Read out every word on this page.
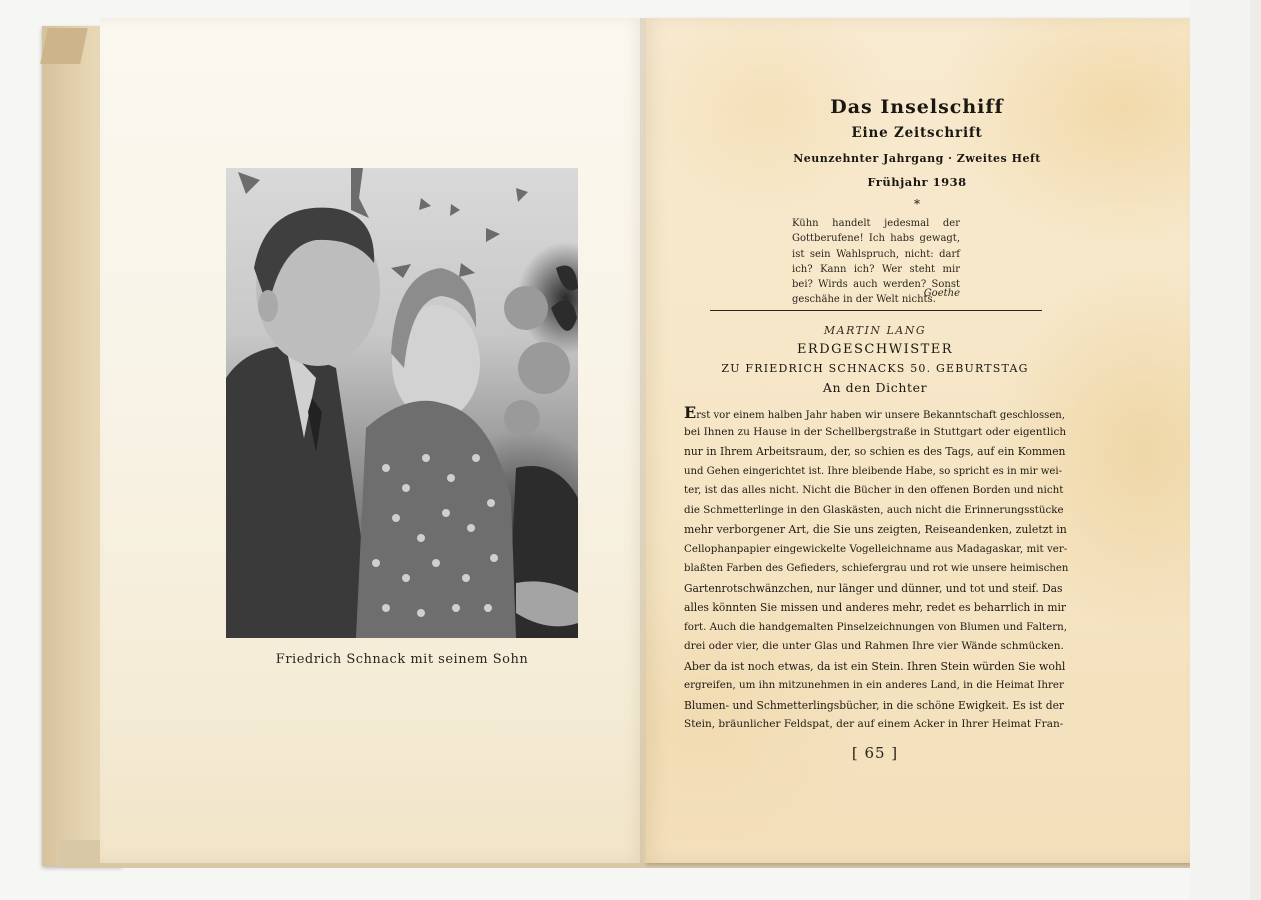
Friedrich Schnack mit seinem Sohn
Das Inselschiff
Eine Zeitschrift
Neunzehnter Jahrgang · Zweites Heft
Frühjahr 1938
*
Kühn handelt jedesmal der Gottberufene! Ich habs gewagt, ist sein Wahlspruch, nicht: darf ich? Kann ich? Wer steht mir bei? Wirds auch werden? Sonst geschähe in der Welt nichts.
Goethe
MARTIN LANG
ERDGESCHWISTER
ZU FRIEDRICH SCHNACKS 50. GEBURTSTAG
An den Dichter
Erst vor einem halben Jahr haben wir unsere Bekanntschaft geschlossen,
bei Ihnen zu Hause in der Schellbergstraße in Stuttgart oder eigentlich
nur in Ihrem Arbeitsraum, der, so schien es des Tags, auf ein Kommen
und Gehen eingerichtet ist. Ihre bleibende Habe, so spricht es in mir wei-
ter, ist das alles nicht. Nicht die Bücher in den offenen Borden und nicht
die Schmetterlinge in den Glaskästen, auch nicht die Erinnerungsstücke
mehr verborgener Art, die Sie uns zeigten, Reiseandenken, zuletzt in
Cellophanpapier eingewickelte Vogelleichname aus Madagaskar, mit ver-
blaßten Farben des Gefieders, schiefergrau und rot wie unsere heimischen
Gartenrotschwänzchen, nur länger und dünner, und tot und steif. Das
alles könnten Sie missen und anderes mehr, redet es beharrlich in mir
fort. Auch die handgemalten Pinselzeichnungen von Blumen und Faltern,
drei oder vier, die unter Glas und Rahmen Ihre vier Wände schmücken.
Aber da ist noch etwas, da ist ein Stein. Ihren Stein würden Sie wohl
ergreifen, um ihn mitzunehmen in ein anderes Land, in die Heimat Ihrer
Blumen- und Schmetterlingsbücher, in die schöne Ewigkeit. Es ist der
Stein, bräunlicher Feldspat, der auf einem Acker in Ihrer Heimat Fran-
[ 65 ]
